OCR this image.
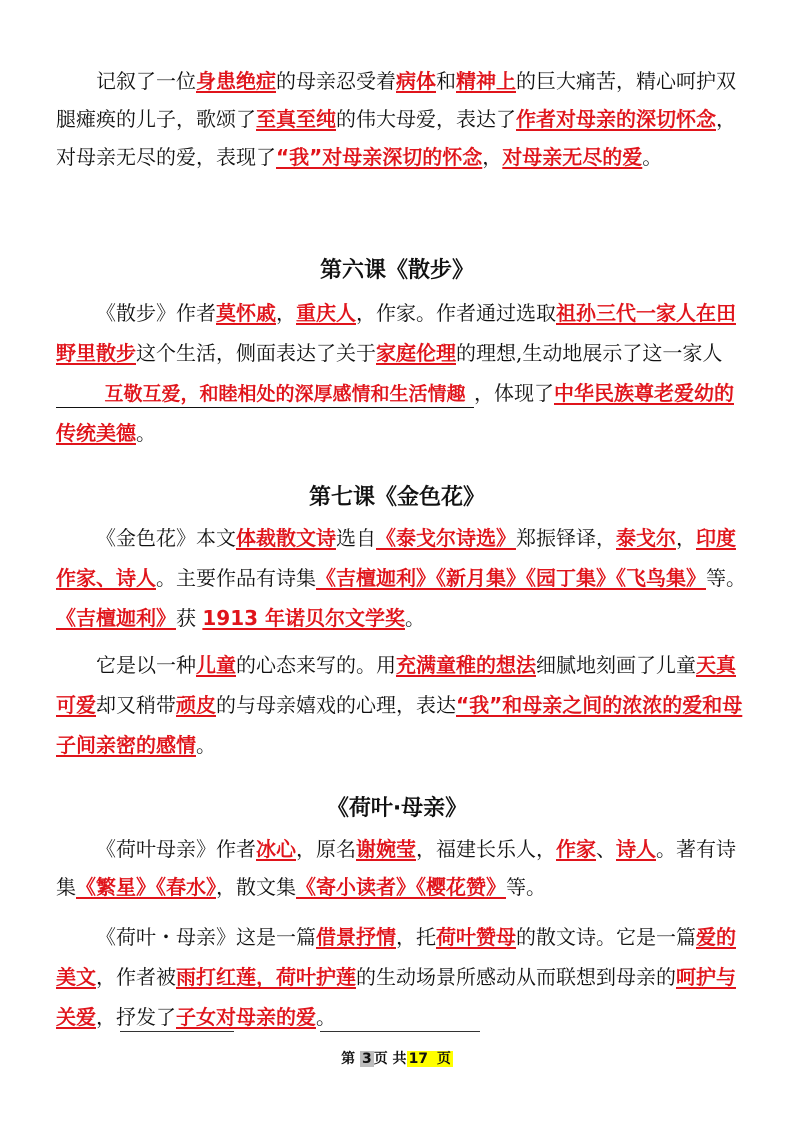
记叙了一位身患绝症的母亲忍受着病体和精神上的巨大痛苦，精心呵护双腿瘫痪的儿子，歌颂了至真至纯的伟大母爱，表达了作者对母亲的深切怀念，对母亲无尽的爱，表现了“我”对母亲深切的怀念，对母亲无尽的爱。
第六课《散步》
《散步》作者莫怀戚，重庆人，作家。作者通过选取祖孙三代一家人在田野里散步这个生活，侧面表达了关于家庭伦理的理想,生动地展示了这一家人互敬互爱，和睦相处的深厚感情和生活情趣 ，体现了中华民族尊老爱幼的传统美德。
第七课《金色花》
《金色花》本文体裁散文诗选自《泰戈尔诗选》郑振铎译，泰戈尔，印度作家、诗人。主要作品有诗集《吉檀迦利》《新月集》《园丁集》《飞鸟集》等。《吉檀迦利》获 1913 年诺贝尔文学奖。
它是以一种儿童的心态来写的。用充满童稚的想法细腻地刻画了儿童天真可爱却又稍带顽皮的与母亲嬉戏的心理，表达“我”和母亲之间的浓浓的爱和母子间亲密的感情。
《荷叶·母亲》
《荷叶母亲》作者冰心，原名谢婉莹，福建长乐人，作家、诗人。著有诗集《繁星》《春水》，散文集《寄小读者》《樱花赞》等。
《荷叶・母亲》这是一篇借景抒情，托荷叶赞母的散文诗。它是一篇爱的美文，作者被雨打红莲，荷叶护莲的生动场景所感动从而联想到母亲的呵护与关爱，抒发了子女对母亲的爱。
第 3 页 共 17 页
